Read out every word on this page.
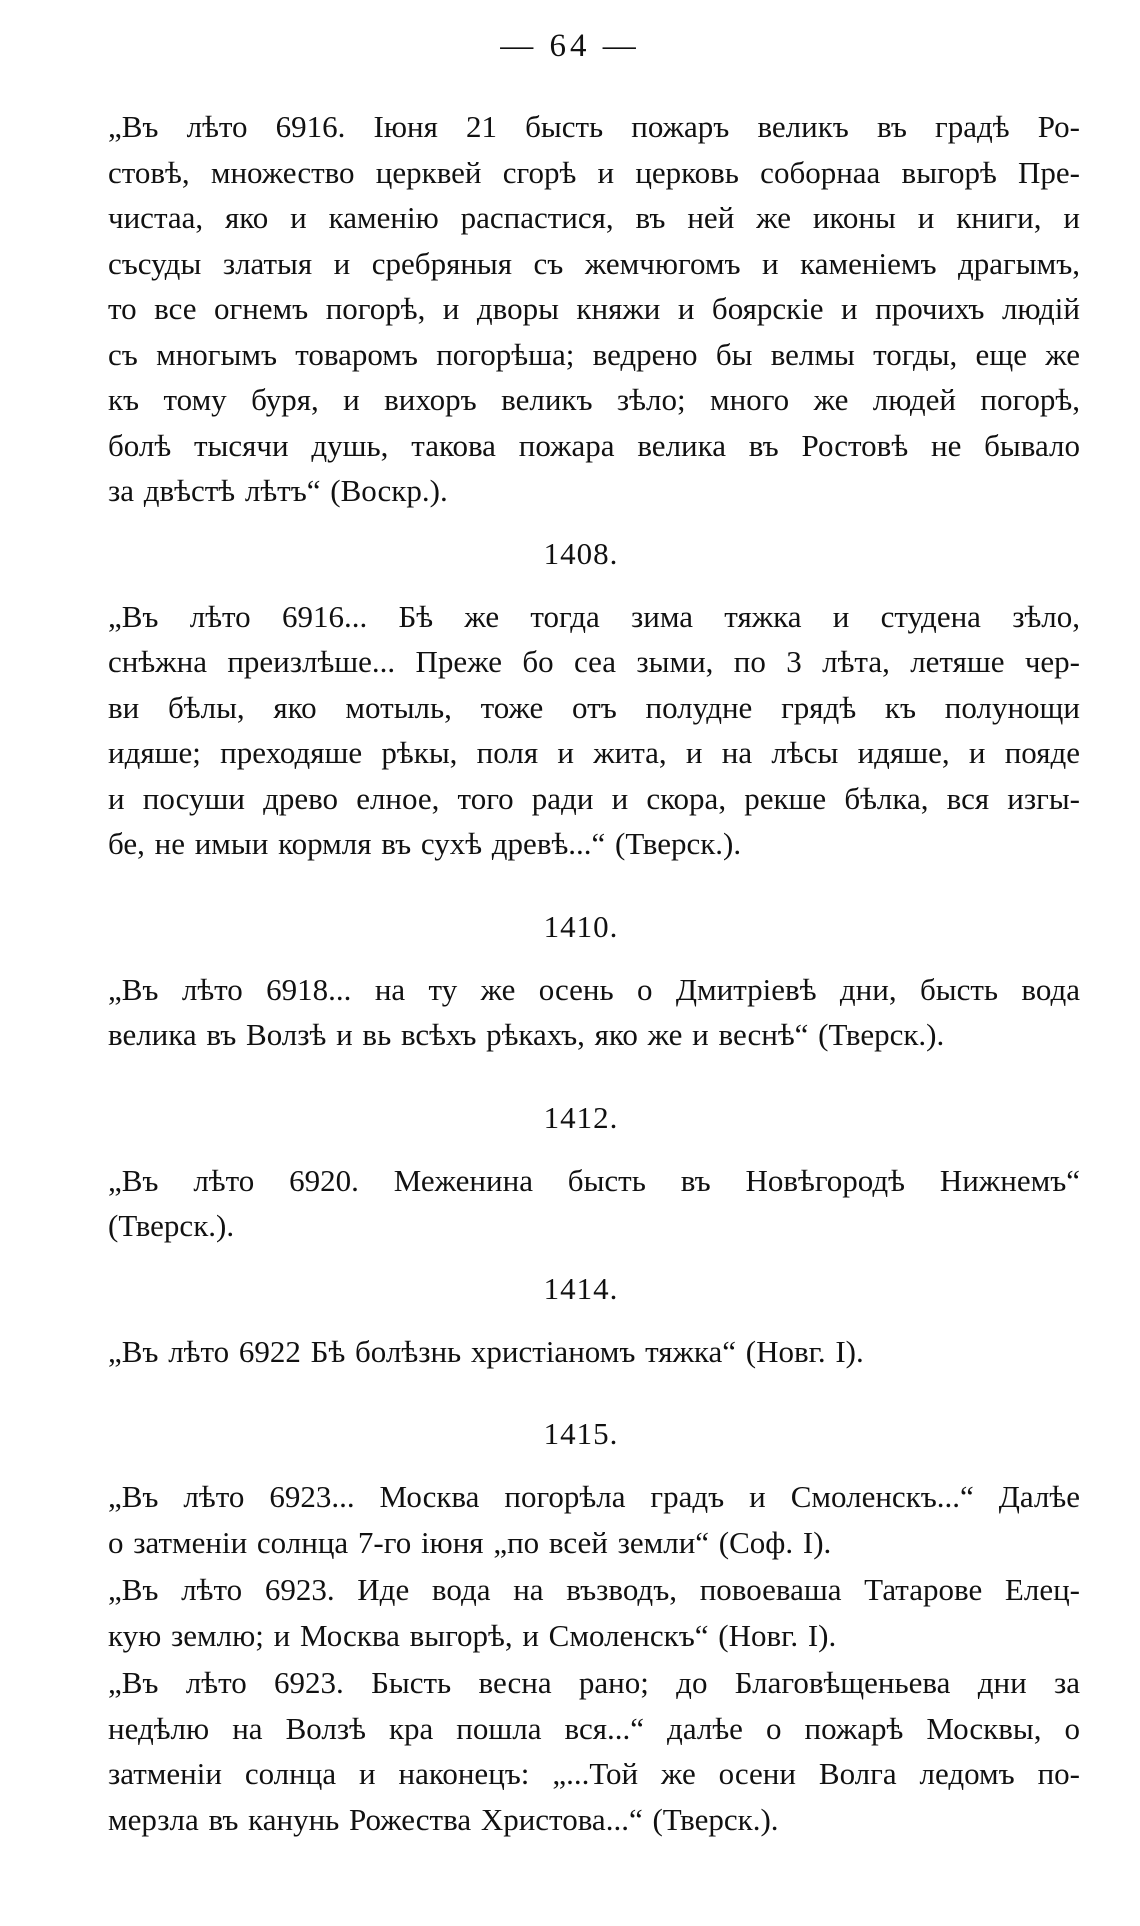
— 64 —

„Въ лѣто 6916. Іюня 21 бысть пожаръ великъ въ градѣ Ро-
стовѣ, множество церквей сгорѣ и церковь соборнаа выгорѣ Пре-
чистаа, яко и каменію распастися, въ ней же иконы и книги, и
съсуды златыя и сребряныя съ жемчюгомъ и каменіемъ драгымъ,
то все огнемъ погорѣ, и дворы княжи и боярскіе и прочихъ людій
съ многымъ товаромъ погорѣша; ведрено бы велмы тогды, еще же
къ тому буря, и вихоръ великъ зѣло; много же людей погорѣ,
болѣ тысячи душь, такова пожара велика въ Ростовѣ не бывало
за двѣстѣ лѣтъ“ (Воскр.).

1408.

„Въ лѣто 6916... Бѣ же тогда зима тяжка и студена зѣло,
снѣжна преизлѣше... Преже бо сеа зыми, по 3 лѣта, летяше чер-
ви бѣлы, яко мотыль, тоже отъ полудне грядѣ къ полунощи
идяше; преходяше рѣкы, поля и жита, и на лѣсы идяше, и пояде
и посуши древо елное, того ради и скора, рекше бѣлка, вся изгы-
бе, не имыи кормля въ сухѣ древѣ...“ (Тверск.).

1410.

„Въ лѣто 6918... на ту же осень о Дмитріевѣ дни, бысть вода
велика въ Волзѣ и вь всѣхъ рѣкахъ, яко же и веснѣ“ (Тверск.).

1412.

„Въ лѣто 6920. Меженина бысть въ Новѣгородѣ Нижнемъ“
(Тверск.).

1414.

„Въ лѣто 6922 Бѣ болѣзнь христіаномъ тяжка“ (Новг. I).

1415.

„Въ лѣто 6923... Москва погорѣла градъ и Смоленскъ...“ Далѣе
о затменіи солнца 7-го іюня „по всей земли“ (Соф. I).

„Въ лѣто 6923. Иде вода на възводъ, повоеваша Татарове Елец-
кую землю; и Москва выгорѣ, и Смоленскъ“ (Новг. I).

„Въ лѣто 6923. Бысть весна рано; до Благовѣщеньева дни за
недѣлю на Волзѣ кра пошла вся...“ далѣе о пожарѣ Москвы, о
затменіи солнца и наконецъ: „...Той же осени Волга ледомъ по-
мерзла въ канунь Рожества Христова...“ (Тверск.).
